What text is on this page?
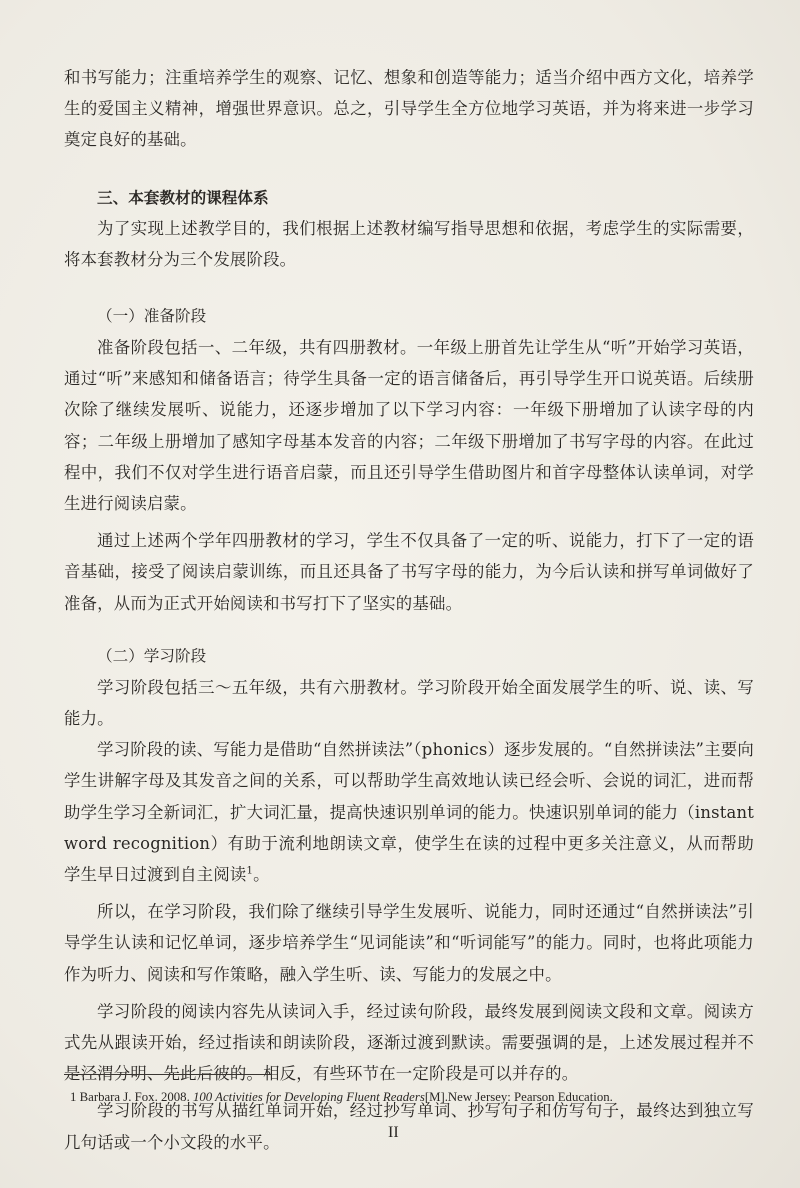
和书写能力；注重培养学生的观察、记忆、想象和创造等能力；适当介绍中西方文化，培养学生的爱国主义精神，增强世界意识。总之，引导学生全方位地学习英语，并为将来进一步学习奠定良好的基础。

三、本套教材的课程体系

为了实现上述教学目的，我们根据上述教材编写指导思想和依据，考虑学生的实际需要，将本套教材分为三个发展阶段。

（一）准备阶段

准备阶段包括一、二年级，共有四册教材。一年级上册首先让学生从“听”开始学习英语，通过“听”来感知和储备语言；待学生具备一定的语言储备后，再引导学生开口说英语。后续册次除了继续发展听、说能力，还逐步增加了以下学习内容：一年级下册增加了认读字母的内容；二年级上册增加了感知字母基本发音的内容；二年级下册增加了书写字母的内容。在此过程中，我们不仅对学生进行语音启蒙，而且还引导学生借助图片和首字母整体认读单词，对学生进行阅读启蒙。

通过上述两个学年四册教材的学习，学生不仅具备了一定的听、说能力，打下了一定的语音基础，接受了阅读启蒙训练，而且还具备了书写字母的能力，为今后认读和拼写单词做好了准备，从而为正式开始阅读和书写打下了坚实的基础。

（二）学习阶段

学习阶段包括三～五年级，共有六册教材。学习阶段开始全面发展学生的听、说、读、写能力。

学习阶段的读、写能力是借助“自然拼读法”（phonics）逐步发展的。“自然拼读法”主要向学生讲解字母及其发音之间的关系，可以帮助学生高效地认读已经会听、会说的词汇，进而帮助学生学习全新词汇，扩大词汇量，提高快速识别单词的能力。快速识别单词的能力（instant word recognition）有助于流利地朗读文章，使学生在读的过程中更多关注意义，从而帮助学生早日过渡到自主阅读$^1$。

所以，在学习阶段，我们除了继续引导学生发展听、说能力，同时还通过“自然拼读法”引导学生认读和记忆单词，逐步培养学生“见词能读”和“听词能写”的能力。同时，也将此项能力作为听力、阅读和写作策略，融入学生听、读、写能力的发展之中。

学习阶段的阅读内容先从读词入手，经过读句阶段，最终发展到阅读文段和文章。阅读方式先从跟读开始，经过指读和朗读阶段，逐渐过渡到默读。需要强调的是，上述发展过程并不是泾渭分明、先此后彼的。相反，有些环节在一定阶段是可以并存的。

学习阶段的书写从描红单词开始，经过抄写单词、抄写句子和仿写句子，最终达到独立写几句话或一个小文段的水平。

1 Barbara J. Fox. 2008. 100 Activities for Developing Fluent Readers[M].New Jersey: Pearson Education.
II
